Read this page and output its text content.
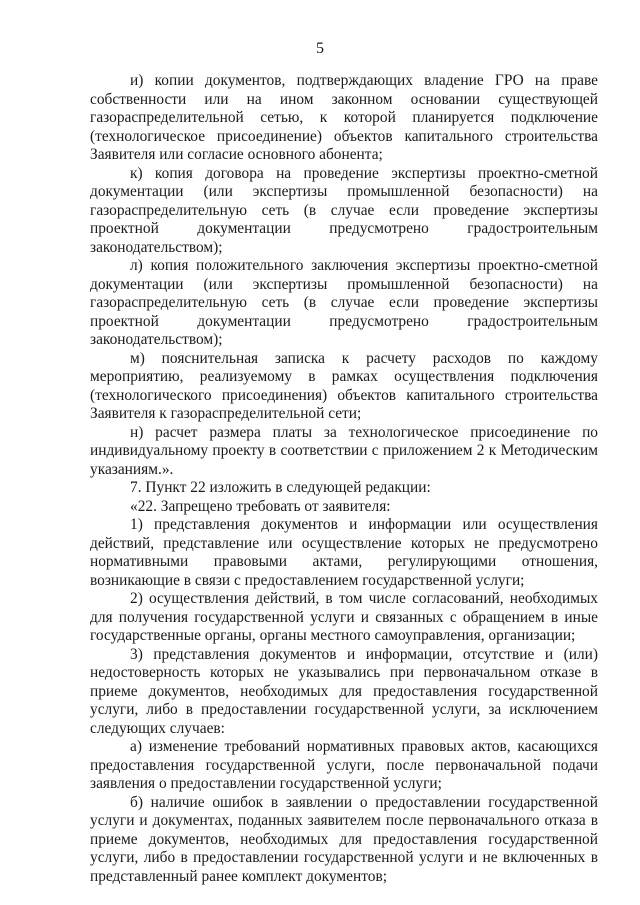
5

и) копии документов, подтверждающих владение ГРО на праве собственности или на ином законном основании существующей газораспределительной сетью, к которой планируется подключение (технологическое присоединение) объектов капитального строительства Заявителя или согласие основного абонента;

к) копия договора на проведение экспертизы проектно-сметной документации (или экспертизы промышленной безопасности) на газораспределительную сеть (в случае если проведение экспертизы проектной документации предусмотрено градостроительным законодательством);

л) копия положительного заключения экспертизы проектно-сметной документации (или экспертизы промышленной безопасности) на газораспределительную сеть (в случае если проведение экспертизы проектной документации предусмотрено градостроительным законодательством);

м) пояснительная записка к расчету расходов по каждому мероприятию, реализуемому в рамках осуществления подключения (технологического присоединения) объектов капитального строительства Заявителя к газораспределительной сети;

н) расчет размера платы за технологическое присоединение по индивидуальному проекту в соответствии с приложением 2 к Методическим указаниям.».

7. Пункт 22 изложить в следующей редакции:

«22. Запрещено требовать от заявителя:

1) представления документов и информации или осуществления действий, представление или осуществление которых не предусмотрено нормативными правовыми актами, регулирующими отношения, возникающие в связи с предоставлением государственной услуги;

2) осуществления действий, в том числе согласований, необходимых для получения государственной услуги и связанных с обращением в иные государственные органы, органы местного самоуправления, организации;

3) представления документов и информации, отсутствие и (или) недостоверность которых не указывались при первоначальном отказе в приеме документов, необходимых для предоставления государственной услуги, либо в предоставлении государственной услуги, за исключением следующих случаев:

а) изменение требований нормативных правовых актов, касающихся предоставления государственной услуги, после первоначальной подачи заявления о предоставлении государственной услуги;

б) наличие ошибок в заявлении о предоставлении государственной услуги и документах, поданных заявителем после первоначального отказа в приеме документов, необходимых для предоставления государственной услуги, либо в предоставлении государственной услуги и не включенных в представленный ранее комплект документов;
